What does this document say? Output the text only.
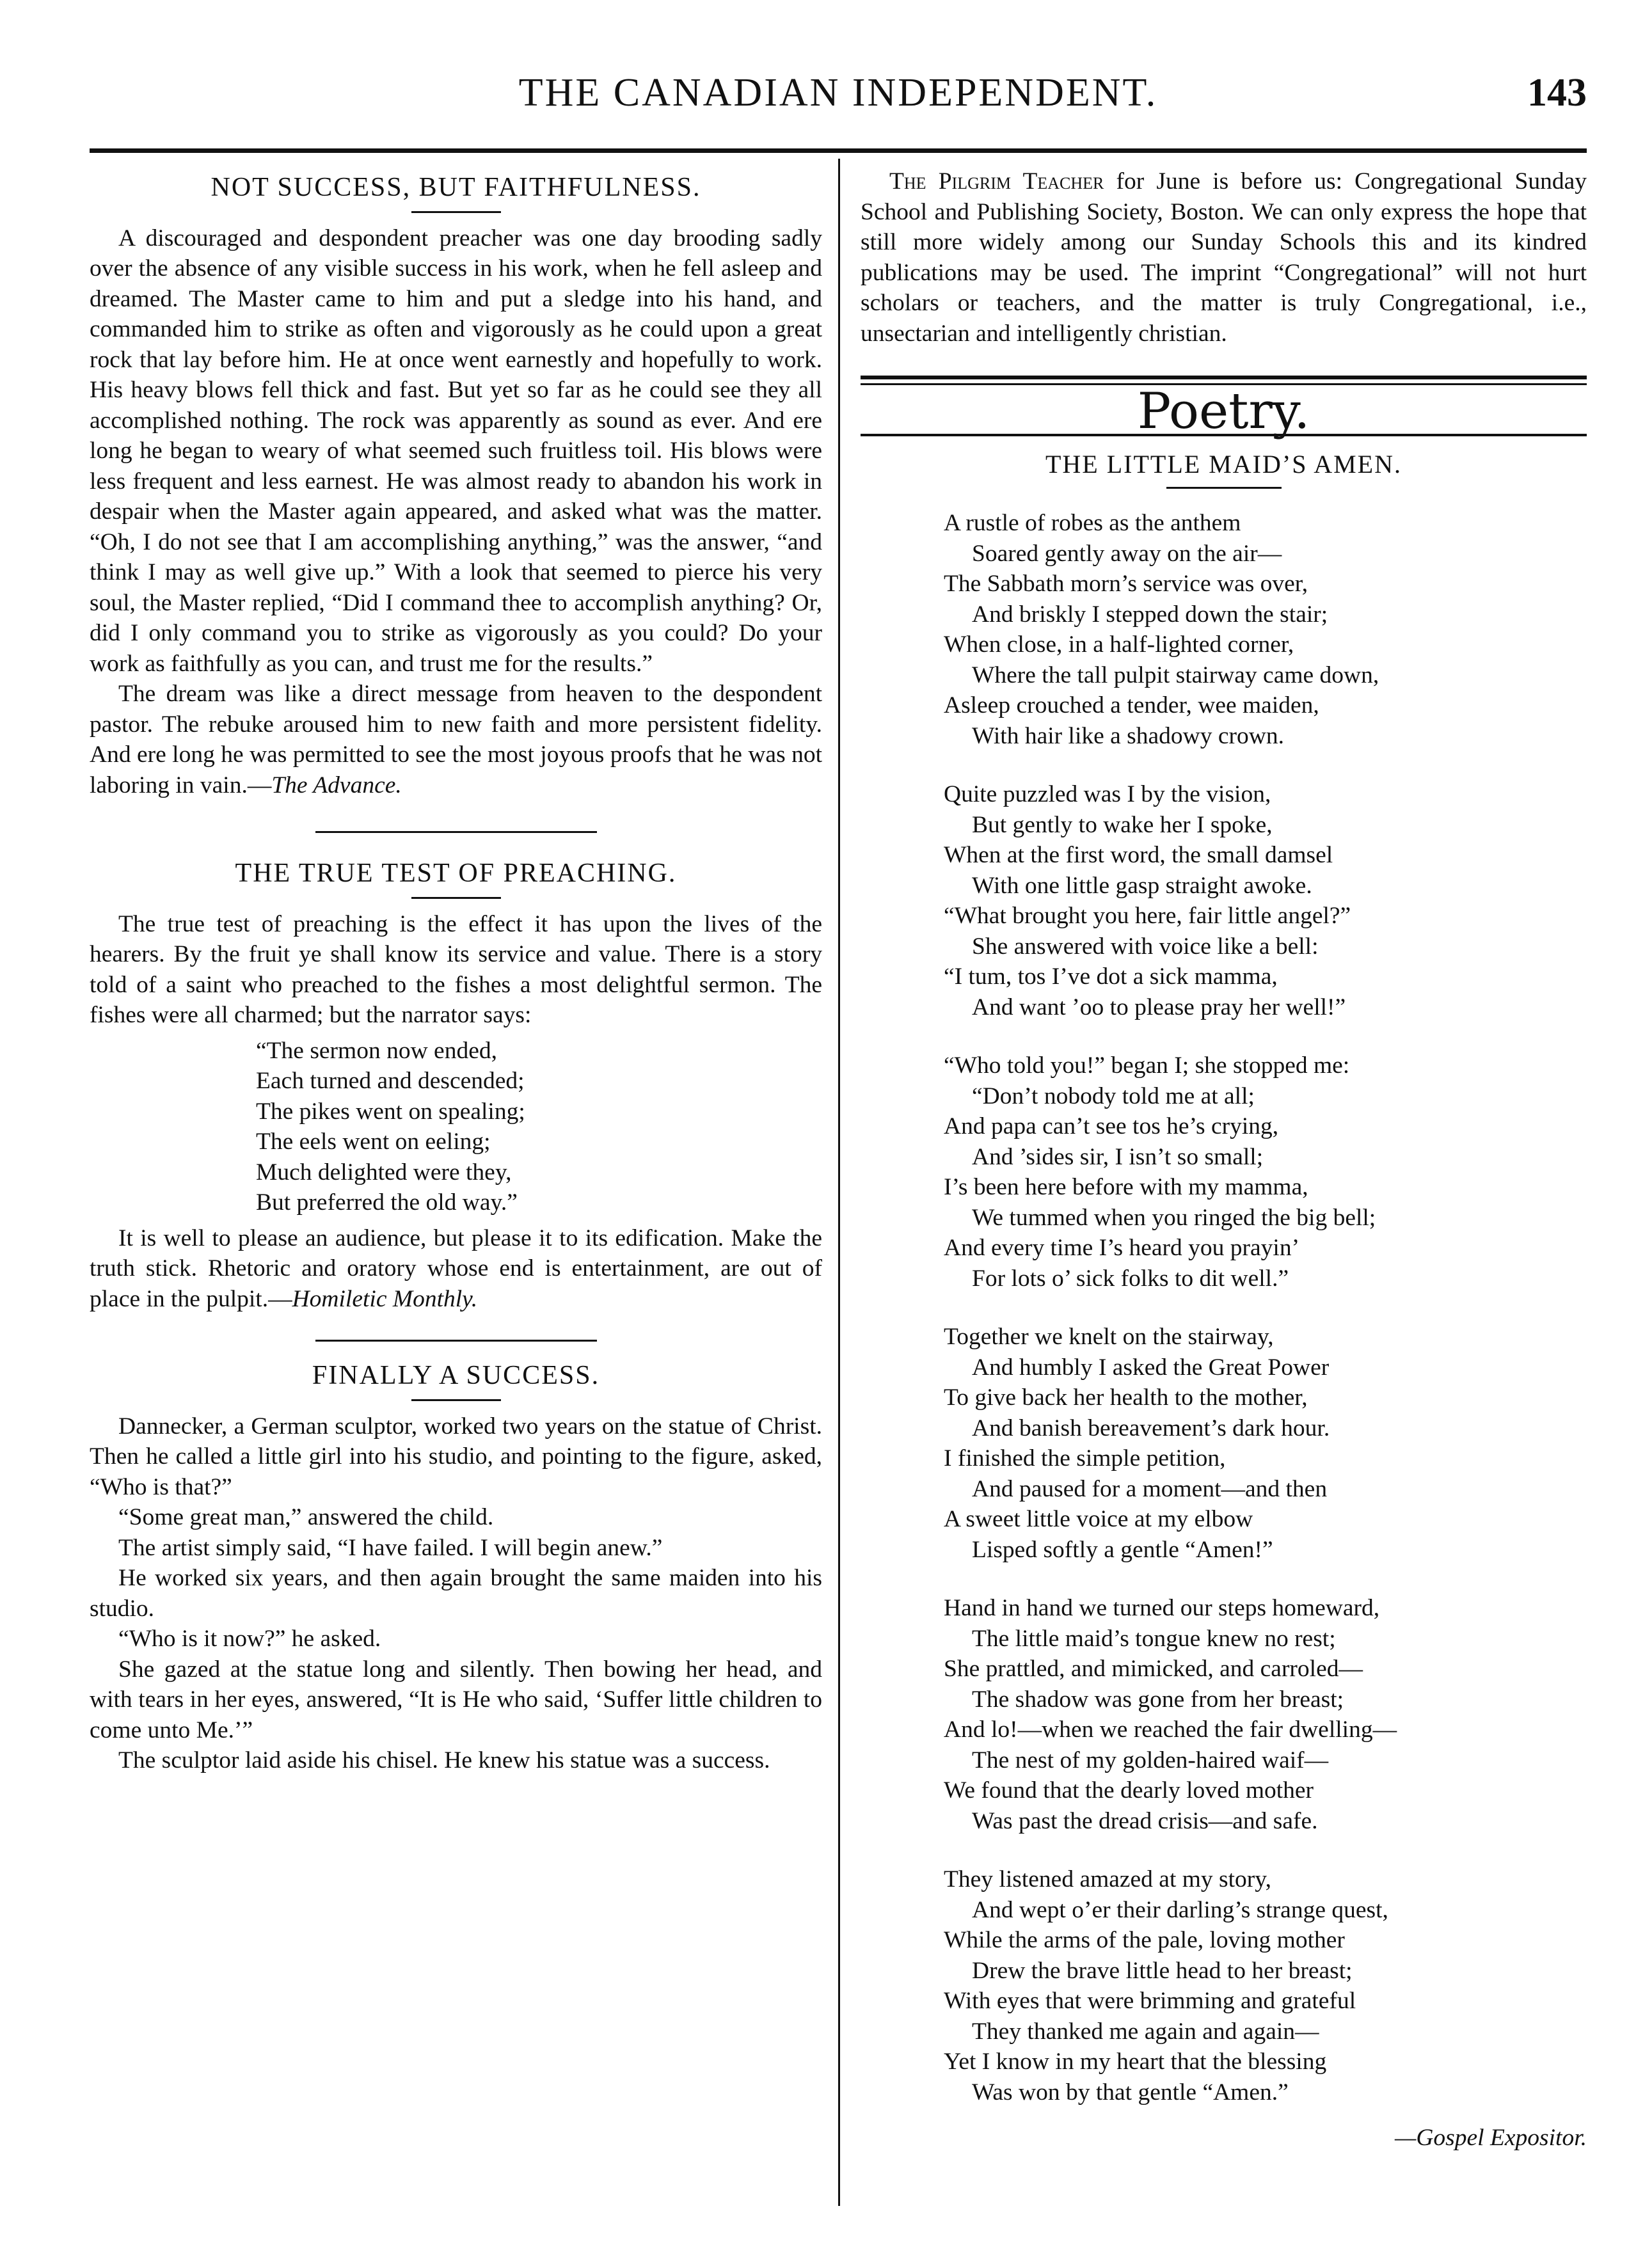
THE CANADIAN INDEPENDENT.	143
NOT SUCCESS, BUT FAITHFULNESS.

A discouraged and despondent preacher was one day brooding sadly over the absence of any visible success in his work, when he fell asleep and dreamed. The Master came to him and put a sledge into his hand, and commanded him to strike as often and vigorously as he could upon a great rock that lay before him. He at once went earnestly and hopefully to work. His heavy blows fell thick and fast. But yet so far as he could see they all accomplished nothing. The rock was apparently as sound as ever. And ere long he began to weary of what seemed such fruitless toil. His blows were less frequent and less earnest. He was almost ready to abandon his work in despair when the Master again appeared, and asked what was the matter. “Oh, I do not see that I am accomplishing anything,” was the answer, “and think I may as well give up.” With a look that seemed to pierce his very soul, the Master replied, “Did I command thee to accomplish anything? Or, did I only command you to strike as vigorously as you could? Do your work as faithfully as you can, and trust me for the results.”

The dream was like a direct message from heaven to the despondent pastor. The rebuke aroused him to new faith and more persistent fidelity. And ere long he was permitted to see the most joyous proofs that he was not laboring in vain.—The Advance.

THE TRUE TEST OF PREACHING.

The true test of preaching is the effect it has upon the lives of the hearers. By the fruit ye shall know its service and value. There is a story told of a saint who preached to the fishes a most delightful sermon. The fishes were all charmed; but the narrator says:

“The sermon now ended,
Each turned and descended;
The pikes went on spealing;
The eels went on eeling;
Much delighted were they,
But preferred the old way.”

It is well to please an audience, but please it to its edification. Make the truth stick. Rhetoric and oratory whose end is entertainment, are out of place in the pulpit.—Homiletic Monthly.

FINALLY A SUCCESS.

Dannecker, a German sculptor, worked two years on the statue of Christ. Then he called a little girl into his studio, and pointing to the figure, asked, “Who is that?”

“Some great man,” answered the child.

The artist simply said, “I have failed. I will begin anew.”

He worked six years, and then again brought the same maiden into his studio.

“Who is it now?” he asked.

She gazed at the statue long and silently. Then bowing her head, and with tears in her eyes, answered, “It is He who said, ‘Suffer little children to come unto Me.’”

The sculptor laid aside his chisel. He knew his statue was a success.

The Pilgrim Teacher for June is before us: Congregational Sunday School and Publishing Society, Boston. We can only express the hope that still more widely among our Sunday Schools this and its kindred publications may be used. The imprint “Congregational” will not hurt scholars or teachers, and the matter is truly Congregational, i.e., unsectarian and intelligently christian.

Poetry.
THE LITTLE MAID’S AMEN.
A rustle of robes as the anthem
Soared gently away on the air—
The Sabbath morn’s service was over,
And briskly I stepped down the stair;
When close, in a half-lighted corner,
Where the tall pulpit stairway came down,
Asleep crouched a tender, wee maiden,
With hair like a shadowy crown.
Quite puzzled was I by the vision,
But gently to wake her I spoke,
When at the first word, the small damsel
With one little gasp straight awoke.
“What brought you here, fair little angel?”
She answered with voice like a bell:
“I tum, tos I’ve dot a sick mamma,
And want ’oo to please pray her well!”
“Who told you!” began I; she stopped me:
“Don’t nobody told me at all;
And papa can’t see tos he’s crying,
And ’sides sir, I isn’t so small;
I’s been here before with my mamma,
We tummed when you ringed the big bell;
And every time I’s heard you prayin’
For lots o’ sick folks to dit well.”
Together we knelt on the stairway,
And humbly I asked the Great Power
To give back her health to the mother,
And banish bereavement’s dark hour.
I finished the simple petition,
And paused for a moment—and then
A sweet little voice at my elbow
Lisped softly a gentle “Amen!”
Hand in hand we turned our steps homeward,
The little maid’s tongue knew no rest;
She prattled, and mimicked, and carroled—
The shadow was gone from her breast;
And lo!—when we reached the fair dwelling—
The nest of my golden-haired waif—
We found that the dearly loved mother
Was past the dread crisis—and safe.
They listened amazed at my story,
And wept o’er their darling’s strange quest,
While the arms of the pale, loving mother
Drew the brave little head to her breast;
With eyes that were brimming and grateful
They thanked me again and again—
Yet I know in my heart that the blessing
Was won by that gentle “Amen.”
—Gospel Expositor.
